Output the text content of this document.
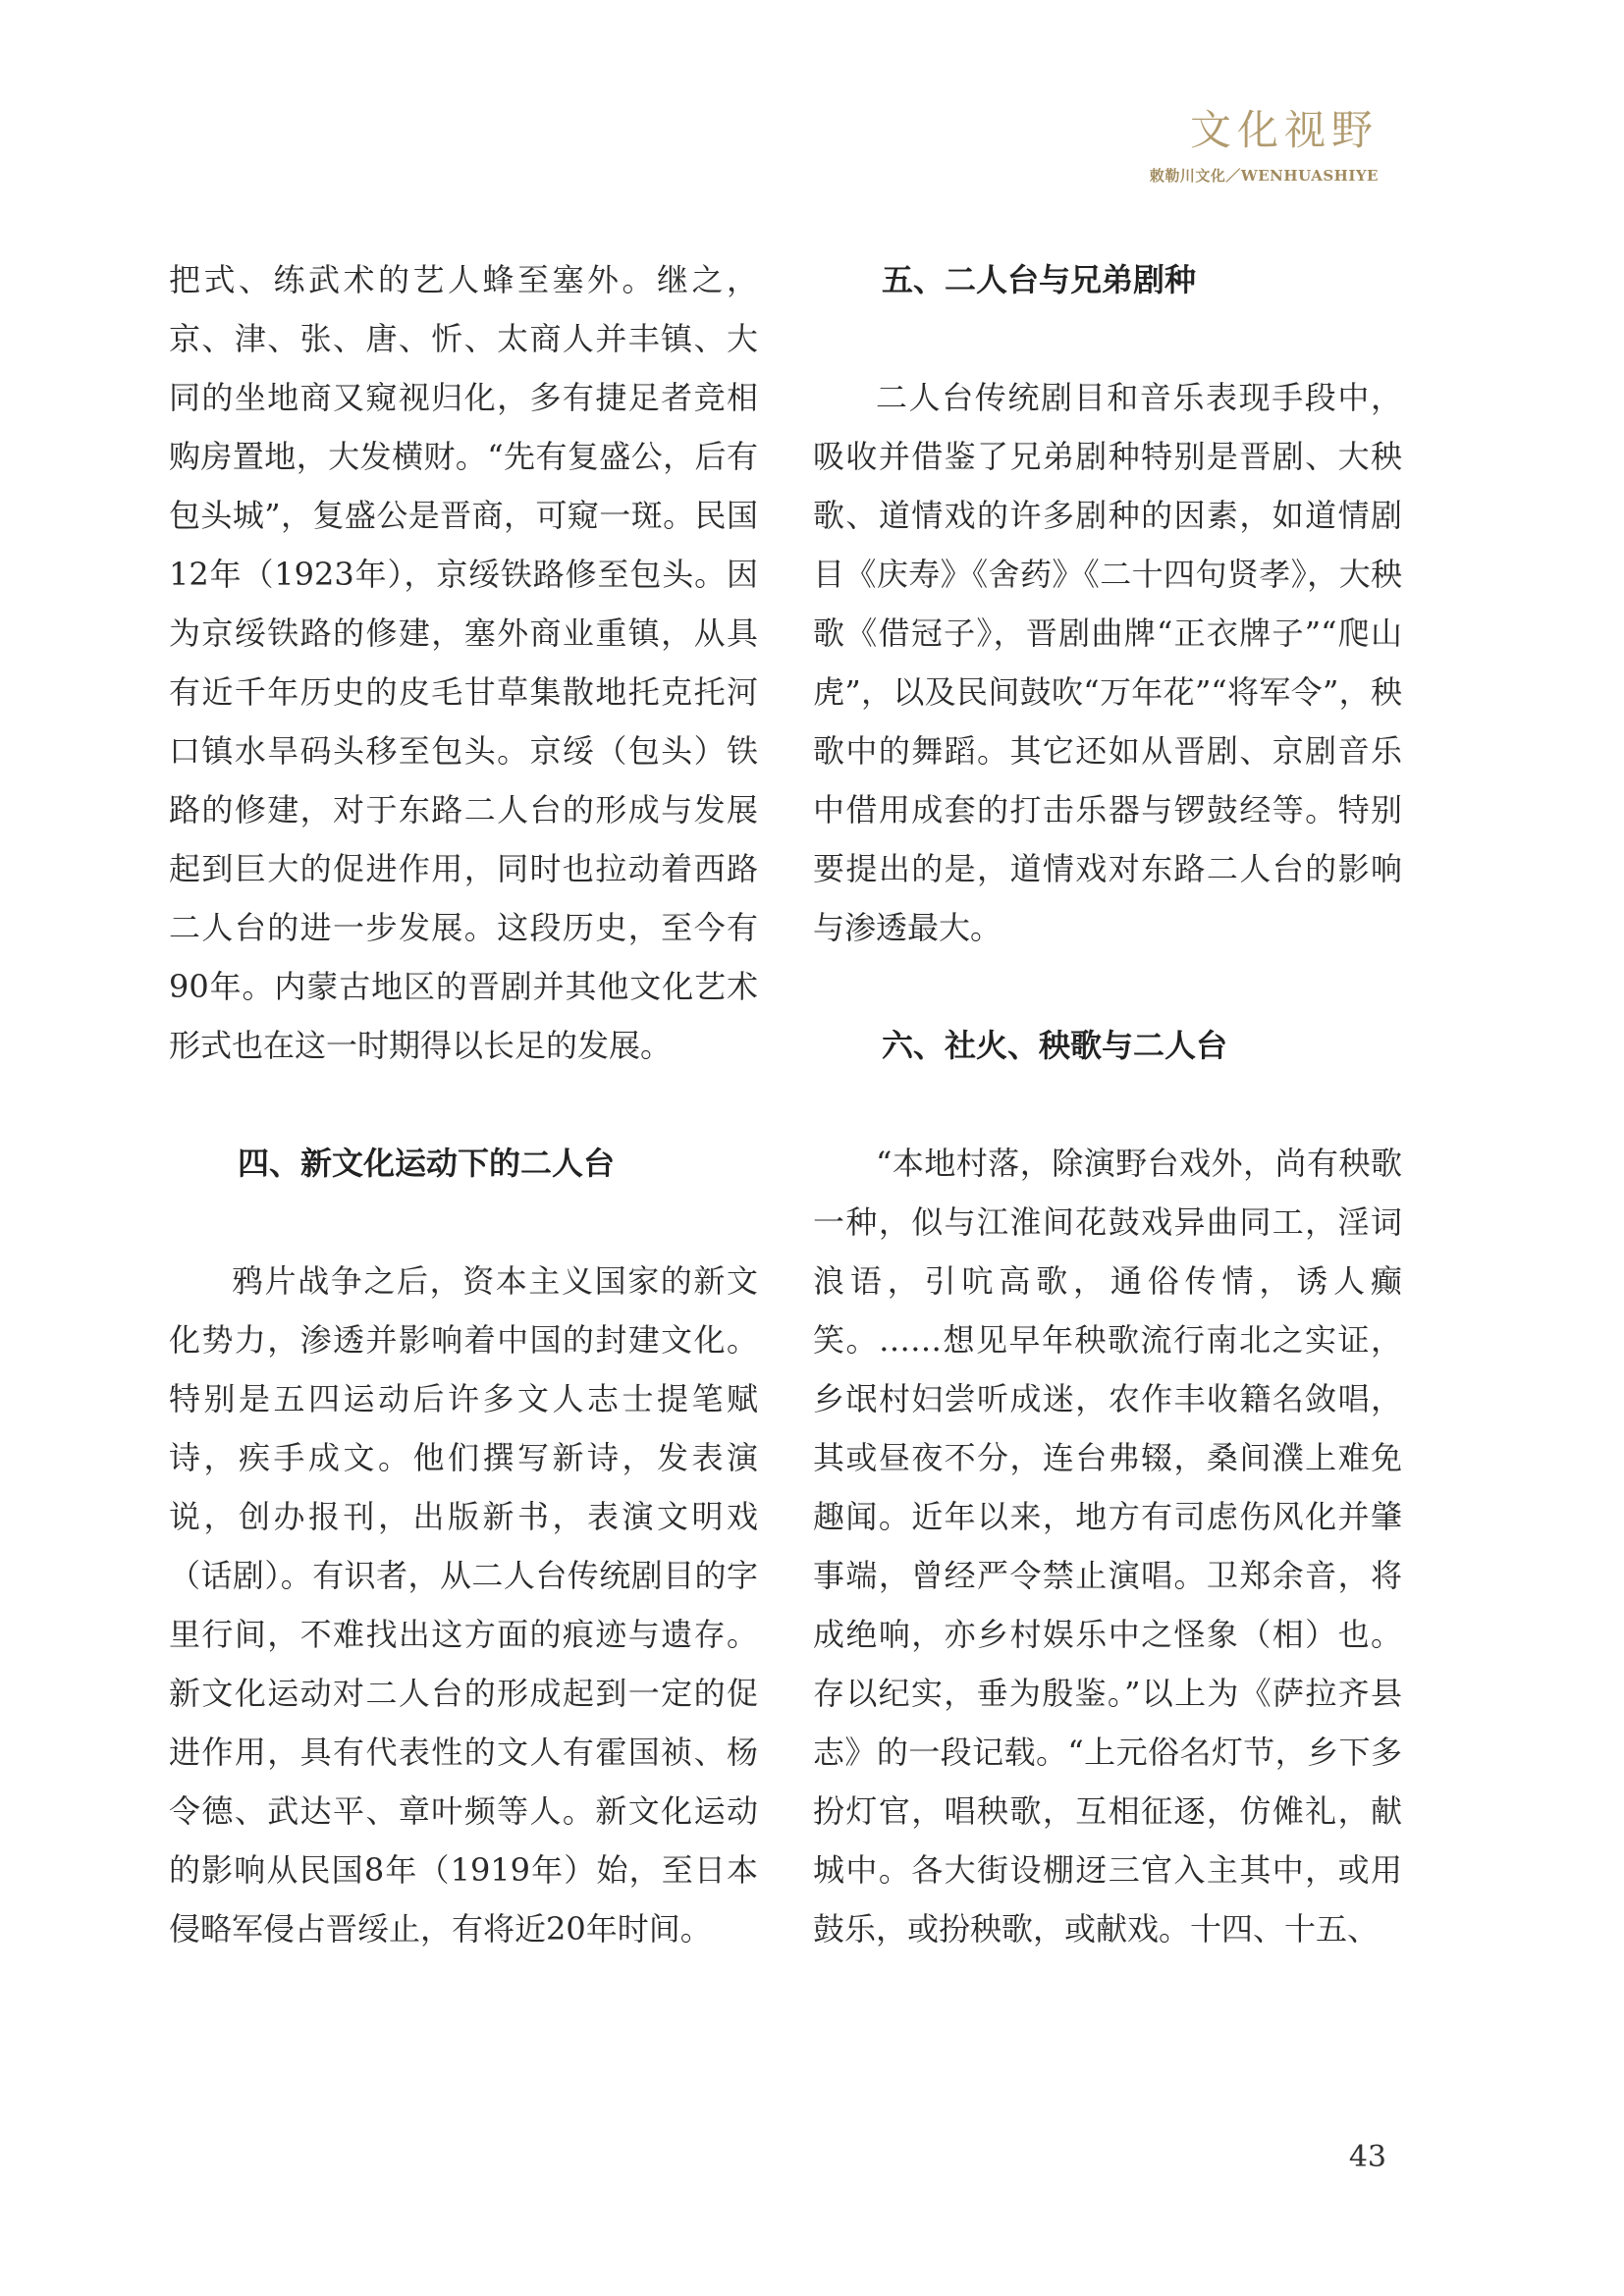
文化视野
敕勒川文化／WENHUASHIYE

把式、练武术的艺人蜂至塞外。继之，京、津、张、唐、忻、太商人并丰镇、大同的坐地商又窥视归化，多有捷足者竞相购房置地，大发横财。“先有复盛公，后有包头城”，复盛公是晋商，可窥一斑。民国12年（1923年），京绥铁路修至包头。因为京绥铁路的修建，塞外商业重镇，从具有近千年历史的皮毛甘草集散地托克托河口镇水旱码头移至包头。京绥（包头）铁路的修建，对于东路二人台的形成与发展起到巨大的促进作用，同时也拉动着西路二人台的进一步发展。这段历史，至今有90年。内蒙古地区的晋剧并其他文化艺术形式也在这一时期得以长足的发展。

四、新文化运动下的二人台

鸦片战争之后，资本主义国家的新文化势力，渗透并影响着中国的封建文化。特别是五四运动后许多文人志士提笔赋诗，疾手成文。他们撰写新诗，发表演说，创办报刊，出版新书，表演文明戏（话剧）。有识者，从二人台传统剧目的字里行间，不难找出这方面的痕迹与遗存。新文化运动对二人台的形成起到一定的促进作用，具有代表性的文人有霍国祯、杨令德、武达平、章叶频等人。新文化运动的影响从民国8年（1919年）始，至日本侵略军侵占晋绥止，有将近20年时间。

五、二人台与兄弟剧种

二人台传统剧目和音乐表现手段中，吸收并借鉴了兄弟剧种特别是晋剧、大秧歌、道情戏的许多剧种的因素，如道情剧目《庆寿》《舍药》《二十四句贤孝》，大秧歌《借冠子》，晋剧曲牌“正衣牌子”“爬山虎”，以及民间鼓吹“万年花”“将军令”，秧歌中的舞蹈。其它还如从晋剧、京剧音乐中借用成套的打击乐器与锣鼓经等。特别要提出的是，道情戏对东路二人台的影响与渗透最大。

六、社火、秧歌与二人台

“本地村落，除演野台戏外，尚有秧歌一种，似与江淮间花鼓戏异曲同工，淫词浪语，引吭高歌，通俗传情，诱人癫笑。……想见早年秧歌流行南北之实证，乡氓村妇尝听成迷，农作丰收籍名敛唱，其或昼夜不分，连台弗辍，桑间濮上难免趣闻。近年以来，地方有司虑伤风化并肇事端，曾经严令禁止演唱。卫郑余音，将成绝响，亦乡村娱乐中之怪象（相）也。存以纪实，垂为殷鉴。”以上为《萨拉齐县志》的一段记载。“上元俗名灯节，乡下多扮灯官，唱秧歌，互相征逐，仿傩礼，献城中。各大街设棚迓三官入主其中，或用鼓乐，或扮秧歌，或献戏。十四、十五、

43
